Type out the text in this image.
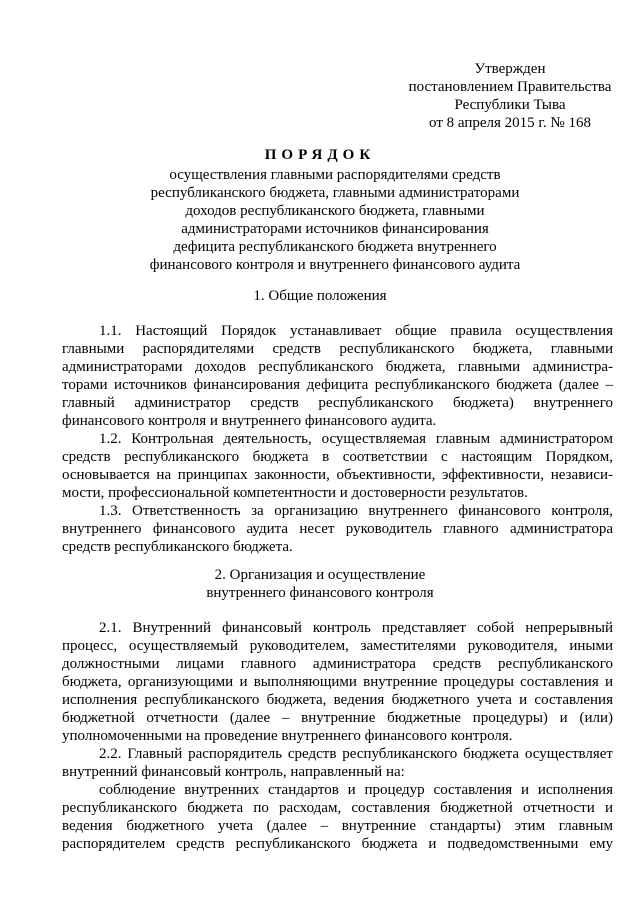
Утвержден
постановлением Правительства
Республики Тыва
от 8 апреля 2015 г. № 168
ПОРЯДОК
осуществления главными распорядителями средств
республиканского бюджета, главными администраторами
доходов республиканского бюджета, главными
администраторами источников финансирования
дефицита республиканского бюджета внутреннего
финансового контроля и внутреннего финансового аудита
1. Общие положения
1.1. Настоящий Порядок устанавливает общие правила осуществления
главными распорядителями средств республиканского бюджета, главными
администраторами доходов республиканского бюджета, главными администра-
торами источников финансирования дефицита республиканского бюджета (далее –
главный администратор средств республиканского бюджета) внутреннего
финансового контроля и внутреннего финансового аудита.
1.2. Контрольная деятельность, осуществляемая главным администратором
средств республиканского бюджета в соответствии с настоящим Порядком,
основывается на принципах законности, объективности, эффективности, независи-
мости, профессиональной компетентности и достоверности результатов.
1.3. Ответственность за организацию внутреннего финансового контроля,
внутреннего финансового аудита несет руководитель главного администратора
средств республиканского бюджета.
2. Организация и осуществление
внутреннего финансового контроля
2.1. Внутренний финансовый контроль представляет собой непрерывный
процесс, осуществляемый руководителем, заместителями руководителя, иными
должностными лицами главного администратора средств республиканского
бюджета, организующими и выполняющими внутренние процедуры составления и
исполнения республиканского бюджета, ведения бюджетного учета и составления
бюджетной отчетности (далее – внутренние бюджетные процедуры) и (или)
уполномоченными на проведение внутреннего финансового контроля.
2.2. Главный распорядитель средств республиканского бюджета осуществляет
внутренний финансовый контроль, направленный на:
соблюдение внутренних стандартов и процедур составления и исполнения
республиканского бюджета по расходам, составления бюджетной отчетности и
ведения бюджетного учета (далее – внутренние стандарты) этим главным
распорядителем средств республиканского бюджета и подведомственными ему
